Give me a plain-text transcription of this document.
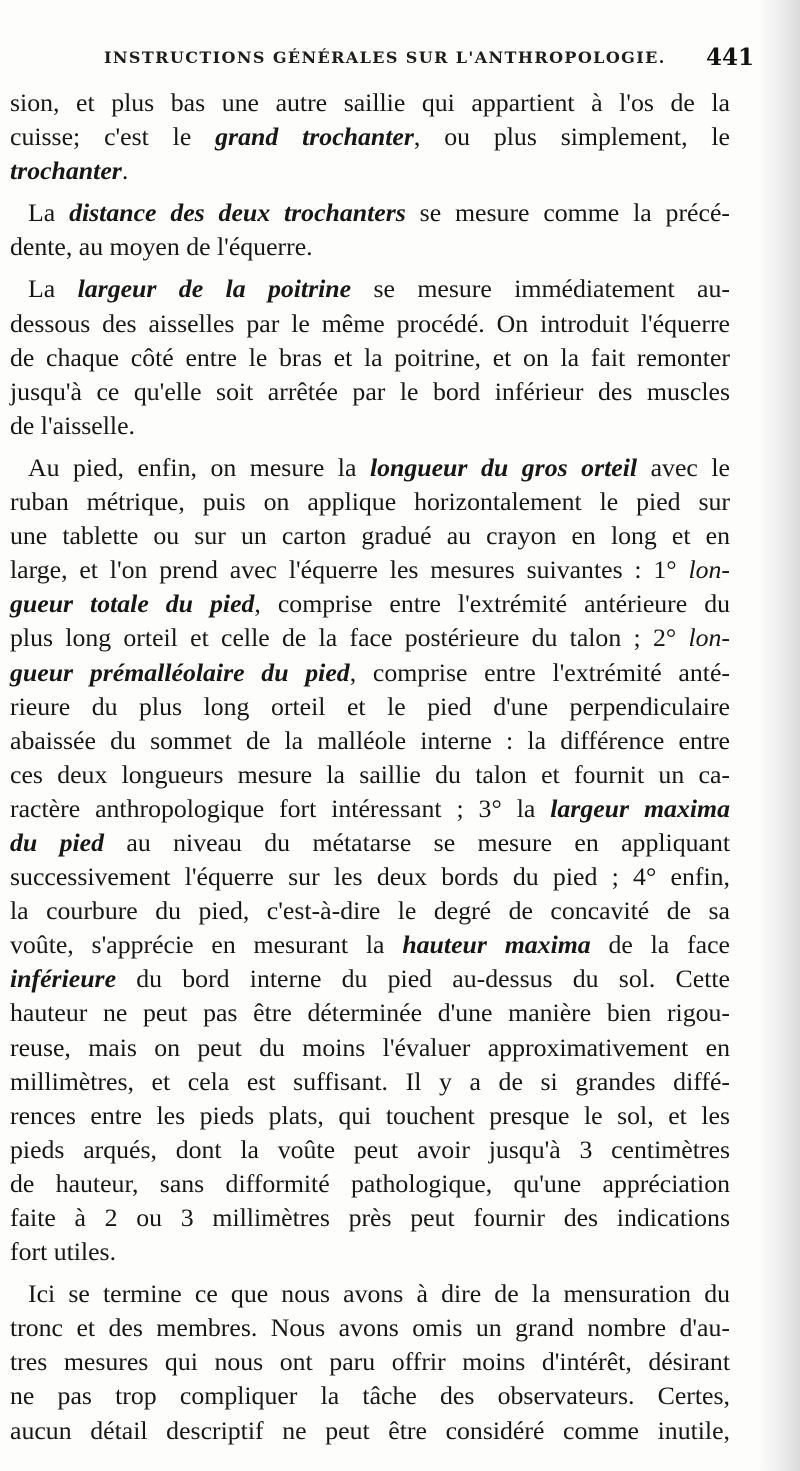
INSTRUCTIONS GÉNÉRALES SUR L'ANTHROPOLOGIE. 441
sion, et plus bas une autre saillie qui appartient à l'os de la
cuisse; c'est le grand trochanter, ou plus simplement, le
trochanter.
La distance des deux trochanters se mesure comme la précé-
dente, au moyen de l'équerre.
La largeur de la poitrine se mesure immédiatement au-
dessous des aisselles par le même procédé. On introduit l'équerre
de chaque côté entre le bras et la poitrine, et on la fait remonter
jusqu'à ce qu'elle soit arrêtée par le bord inférieur des muscles
de l'aisselle.
Au pied, enfin, on mesure la longueur du gros orteil avec le
ruban métrique, puis on applique horizontalement le pied sur
une tablette ou sur un carton gradué au crayon en long et en
large, et l'on prend avec l'équerre les mesures suivantes : 1° lon-
gueur totale du pied, comprise entre l'extrémité antérieure du
plus long orteil et celle de la face postérieure du talon ; 2° lon-
gueur prémalléolaire du pied, comprise entre l'extrémité anté-
rieure du plus long orteil et le pied d'une perpendiculaire
abaissée du sommet de la malléole interne : la différence entre
ces deux longueurs mesure la saillie du talon et fournit un ca-
ractère anthropologique fort intéressant ; 3° la largeur maxima
du pied au niveau du métatarse se mesure en appliquant
successivement l'équerre sur les deux bords du pied ; 4° enfin,
la courbure du pied, c'est-à-dire le degré de concavité de sa
voûte, s'apprécie en mesurant la hauteur maxima de la face
inférieure du bord interne du pied au-dessus du sol. Cette
hauteur ne peut pas être déterminée d'une manière bien rigou-
reuse, mais on peut du moins l'évaluer approximativement en
millimètres, et cela est suffisant. Il y a de si grandes diffé-
rences entre les pieds plats, qui touchent presque le sol, et les
pieds arqués, dont la voûte peut avoir jusqu'à 3 centimètres
de hauteur, sans difformité pathologique, qu'une appréciation
faite à 2 ou 3 millimètres près peut fournir des indications
fort utiles.
Ici se termine ce que nous avons à dire de la mensuration du
tronc et des membres. Nous avons omis un grand nombre d'au-
tres mesures qui nous ont paru offrir moins d'intérêt, désirant
ne pas trop compliquer la tâche des observateurs. Certes,
aucun détail descriptif ne peut être considéré comme inutile,
